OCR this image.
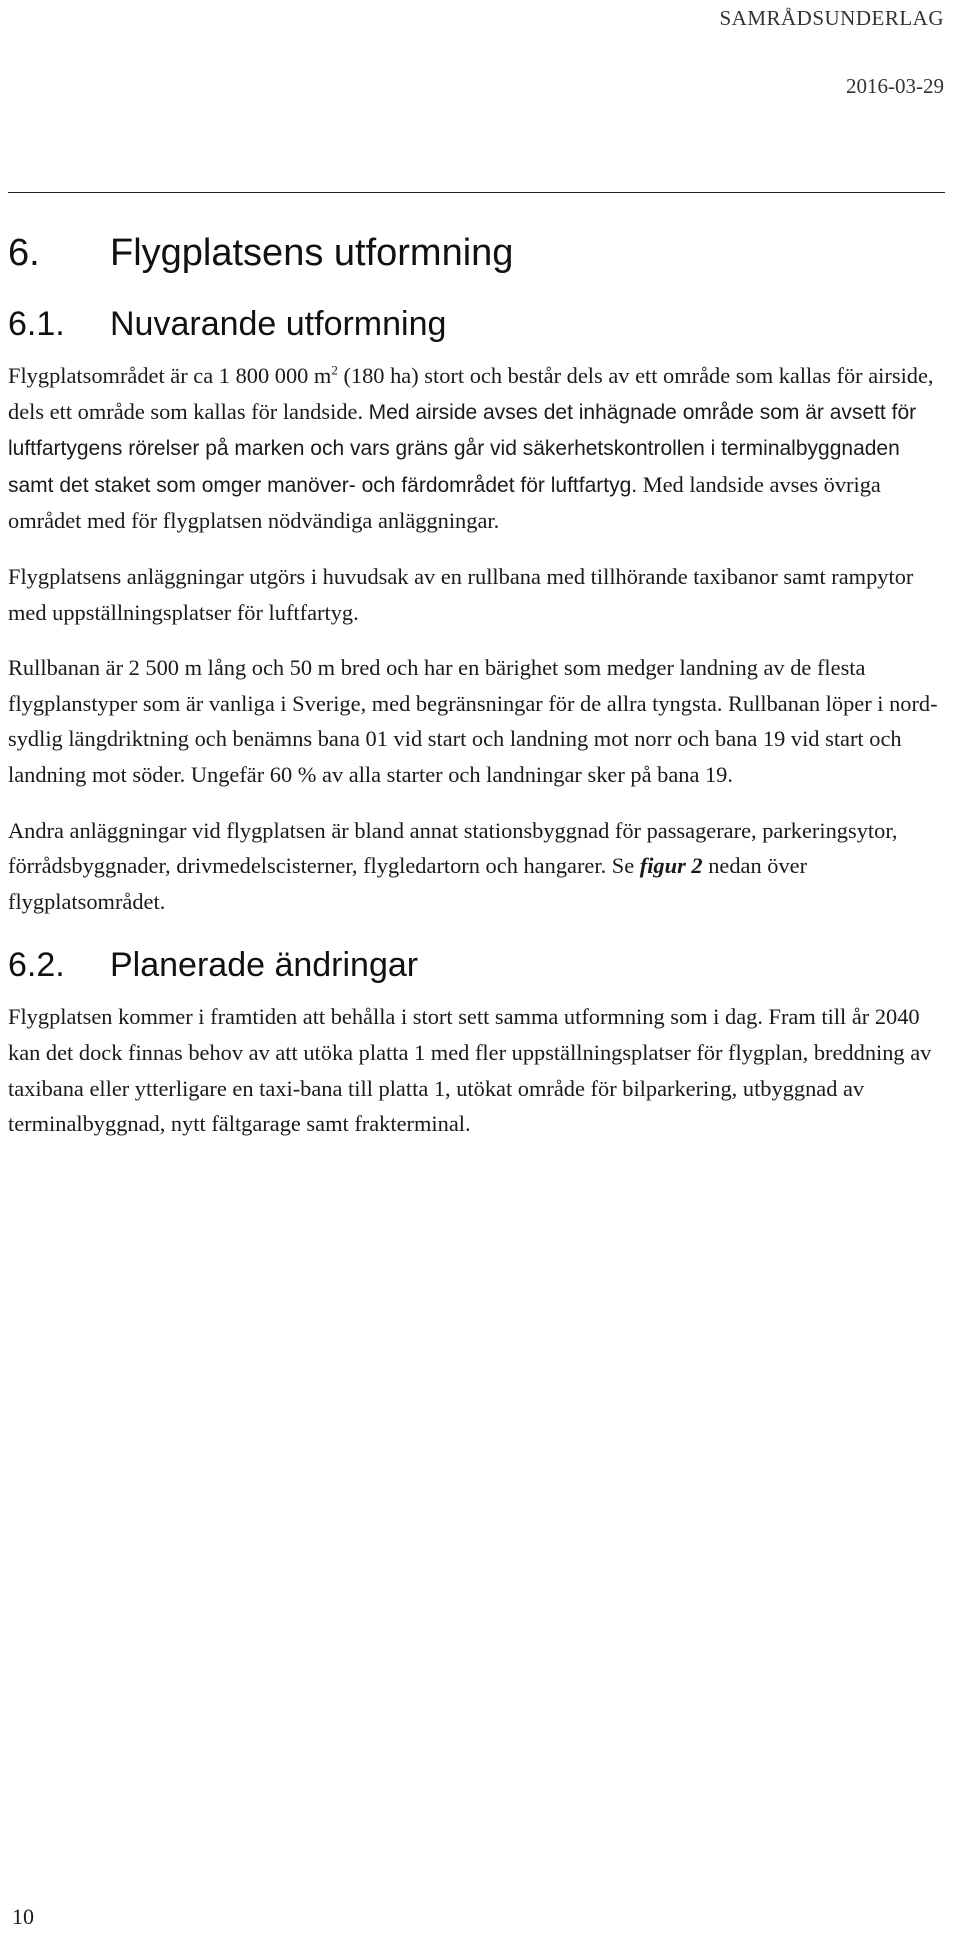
SAMRÅDSUNDERLAG
2016-03-29
6. Flygplatsens utformning
6.1. Nuvarande utformning

Flygplatsområdet är ca 1 800 000 $m^2$ (180 ha) stort och består dels av ett område som kallas för airside, dels ett område som kallas för landside. Med airside avses det inhägnade område som är avsett för luftfartygens rörelser på marken och vars gräns går vid säkerhetskontrollen i terminalbyggnaden samt det staket som omger manöver- och färdområdet för luftfartyg. Med landside avses övriga området med för flygplatsen nödvändiga anläggningar.

Flygplatsens anläggningar utgörs i huvudsak av en rullbana med tillhörande taxibanor samt rampytor med uppställningsplatser för luftfartyg.

Rullbanan är 2 500 m lång och 50 m bred och har en bärighet som medger landning av de flesta flygplanstyper som är vanliga i Sverige, med begränsningar för de allra tyngsta. Rullbanan löper i nord-sydlig längdriktning och benämns bana 01 vid start och landning mot norr och bana 19 vid start och landning mot söder. Ungefär 60 % av alla starter och landningar sker på bana 19.

Andra anläggningar vid flygplatsen är bland annat stationsbyggnad för passagerare, parkeringsytor, förrådsbyggnader, drivmedelscisterner, flygledartorn och hangarer. Se figur 2 nedan över flygplatsområdet.

6.2. Planerade ändringar

Flygplatsen kommer i framtiden att behålla i stort sett samma utformning som i dag. Fram till år 2040 kan det dock finnas behov av att utöka platta 1 med fler uppställningsplatser för flygplan, breddning av taxibana eller ytterligare en taxi-bana till platta 1, utökat område för bilparkering, utbyggnad av terminalbyggnad, nytt fältgarage samt frakterminal.

10
